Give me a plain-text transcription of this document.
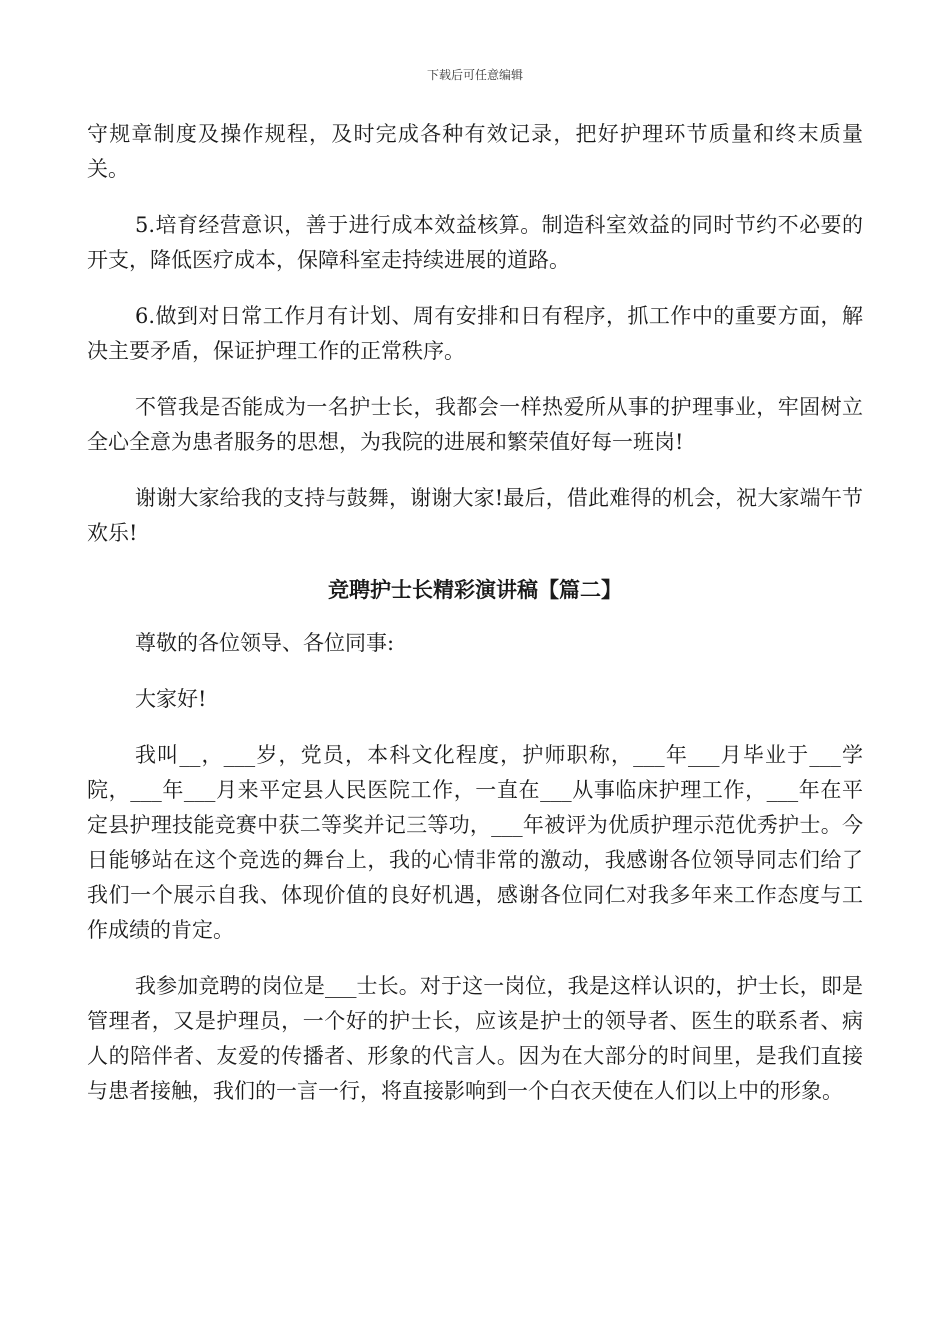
下载后可任意编辑

守规章制度及操作规程，及时完成各种有效记录，把好护理环节质量和终末质量关。

5.培育经营意识，善于进行成本效益核算。制造科室效益的同时节约不必要的开支，降低医疗成本，保障科室走持续进展的道路。

6.做到对日常工作月有计划、周有安排和日有程序，抓工作中的重要方面，解决主要矛盾，保证护理工作的正常秩序。

不管我是否能成为一名护士长，我都会一样热爱所从事的护理事业，牢固树立全心全意为患者服务的思想，为我院的进展和繁荣值好每一班岗!

谢谢大家给我的支持与鼓舞，谢谢大家!最后，借此难得的机会，祝大家端午节欢乐!

竞聘护士长精彩演讲稿【篇二】

尊敬的各位领导、各位同事:

大家好!

我叫__，___岁，党员，本科文化程度，护师职称，___年___月毕业于___学院，___年___月来平定县人民医院工作，一直在___从事临床护理工作，___年在平定县护理技能竞赛中获二等奖并记三等功，___年被评为优质护理示范优秀护士。今日能够站在这个竞选的舞台上，我的心情非常的激动，我感谢各位领导同志们给了我们一个展示自我、体现价值的良好机遇，感谢各位同仁对我多年来工作态度与工作成绩的肯定。

我参加竞聘的岗位是___士长。对于这一岗位，我是这样认识的，护士长，即是管理者，又是护理员，一个好的护士长，应该是护士的领导者、医生的联系者、病人的陪伴者、友爱的传播者、形象的代言人。因为在大部分的时间里，是我们直接与患者接触，我们的一言一行，将直接影响到一个白衣天使在人们以上中的形象。
